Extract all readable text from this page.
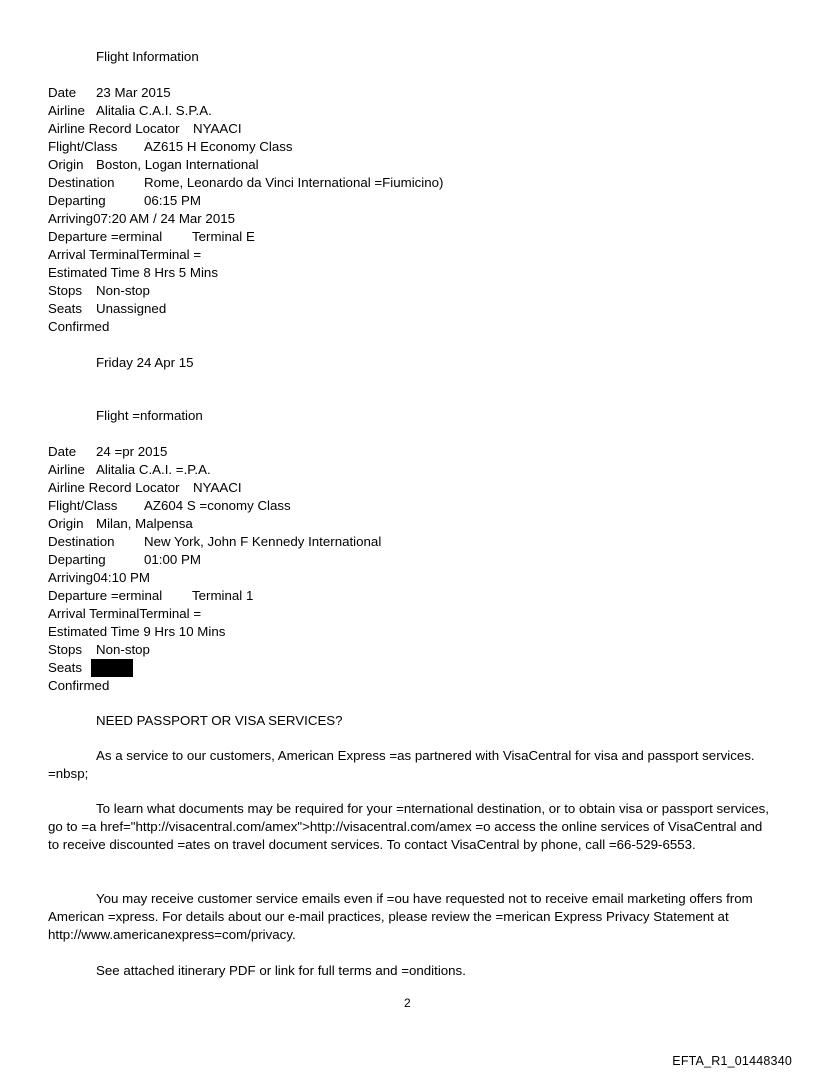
Flight Information
Date 23 Mar 2015
Airline Alitalia C.A.I. S.P.A.
Airline Record Locator NYAACI
Flight/Class AZ615 H Economy Class
Origin Boston, Logan International
Destination Rome, Leonardo da Vinci International =Fiumicino)
Departing	06:15 PM
Arriving07:20 AM / 24 Mar 2015
Departure =erminal Terminal E
Arrival TerminalTerminal =
Estimated Time 8 Hrs 5 Mins
Stops Non-stop
Seats Unassigned
Confirmed
Friday 24 Apr 15
Flight =nformation
Date 24 =pr 2015
Airline Alitalia C.A.I. =.P.A.
Airline Record Locator NYAACI
Flight/Class AZ604 S =conomy Class
Origin Milan, Malpensa
Destination New York, John F Kennedy International
Departing	01:00 PM
Arriving04:10 PM
Departure =erminal Terminal 1
Arrival TerminalTerminal =
Estimated Time 9 Hrs 10 Mins
Stops Non-stop
Seats
Confirmed
NEED PASSPORT OR VISA SERVICES?
As a service to our customers, American Express =as partnered with VisaCentral for visa and passport services. =nbsp;
To learn what documents may be required for your =nternational destination, or to obtain visa or passport services, go to =a href="http://visacentral.com/amex">http://visacentral.com/amex =o access the online services of VisaCentral and to receive discounted =ates on travel document services. To contact VisaCentral by phone, call =66-529-6553.
You may receive customer service emails even if =ou have requested not to receive email marketing offers from American =xpress. For details about our e-mail practices, please review the =merican Express Privacy Statement at http://www.americanexpress=com/privacy.
See attached itinerary PDF or link for full terms and =onditions.
2
EFTA_R1_01448340
